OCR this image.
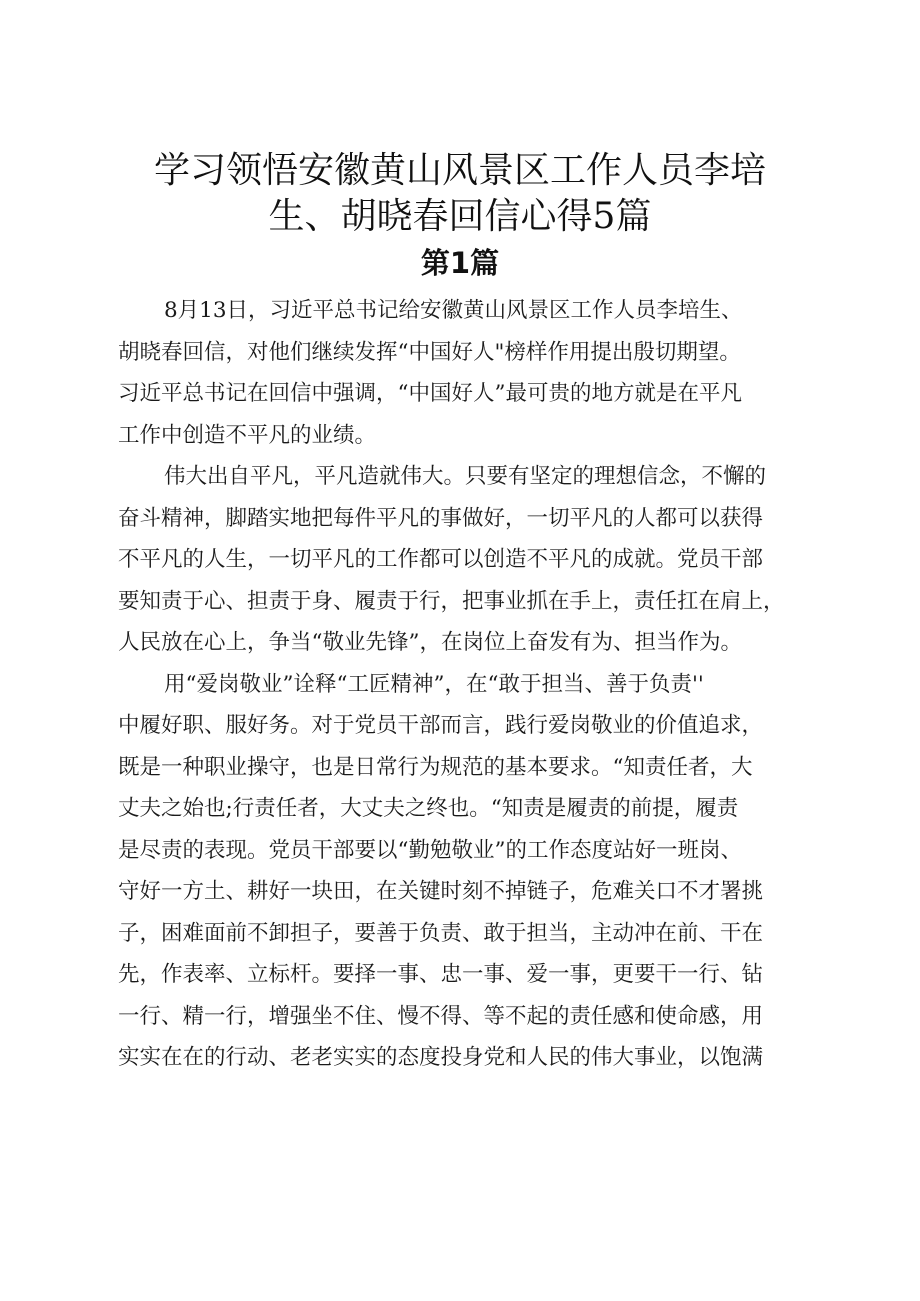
学习领悟安徽黄山风景区工作人员李培
生、胡晓春回信心得5篇
第1篇
8月13日，习近平总书记给安徽黄山风景区工作人员李培生、
胡晓春回信，对他们继续发挥“中国好人"榜样作用提出殷切期望。
习近平总书记在回信中强调，“中国好人”最可贵的地方就是在平凡
工作中创造不平凡的业绩。
伟大出自平凡，平凡造就伟大。只要有坚定的理想信念，不懈的
奋斗精神，脚踏实地把每件平凡的事做好，一切平凡的人都可以获得
不平凡的人生，一切平凡的工作都可以创造不平凡的成就。党员干部
要知责于心、担责于身、履责于行，把事业抓在手上，责任扛在肩上，
人民放在心上，争当“敬业先锋”，在岗位上奋发有为、担当作为。
用“爱岗敬业”诠释“工匠精神”，在“敢于担当、善于负责''
中履好职、服好务。对于党员干部而言，践行爱岗敬业的价值追求，
既是一种职业操守，也是日常行为规范的基本要求。“知责任者，大
丈夫之始也;行责任者，大丈夫之终也。“知责是履责的前提，履责
是尽责的表现。党员干部要以“勤勉敬业”的工作态度站好一班岗、
守好一方土、耕好一块田，在关键时刻不掉链子，危难关口不才署挑
子，困难面前不卸担子，要善于负责、敢于担当，主动冲在前、干在
先，作表率、立标杆。要择一事、忠一事、爱一事，更要干一行、钻
一行、精一行，增强坐不住、慢不得、等不起的责任感和使命感，用
实实在在的行动、老老实实的态度投身党和人民的伟大事业，以饱满
